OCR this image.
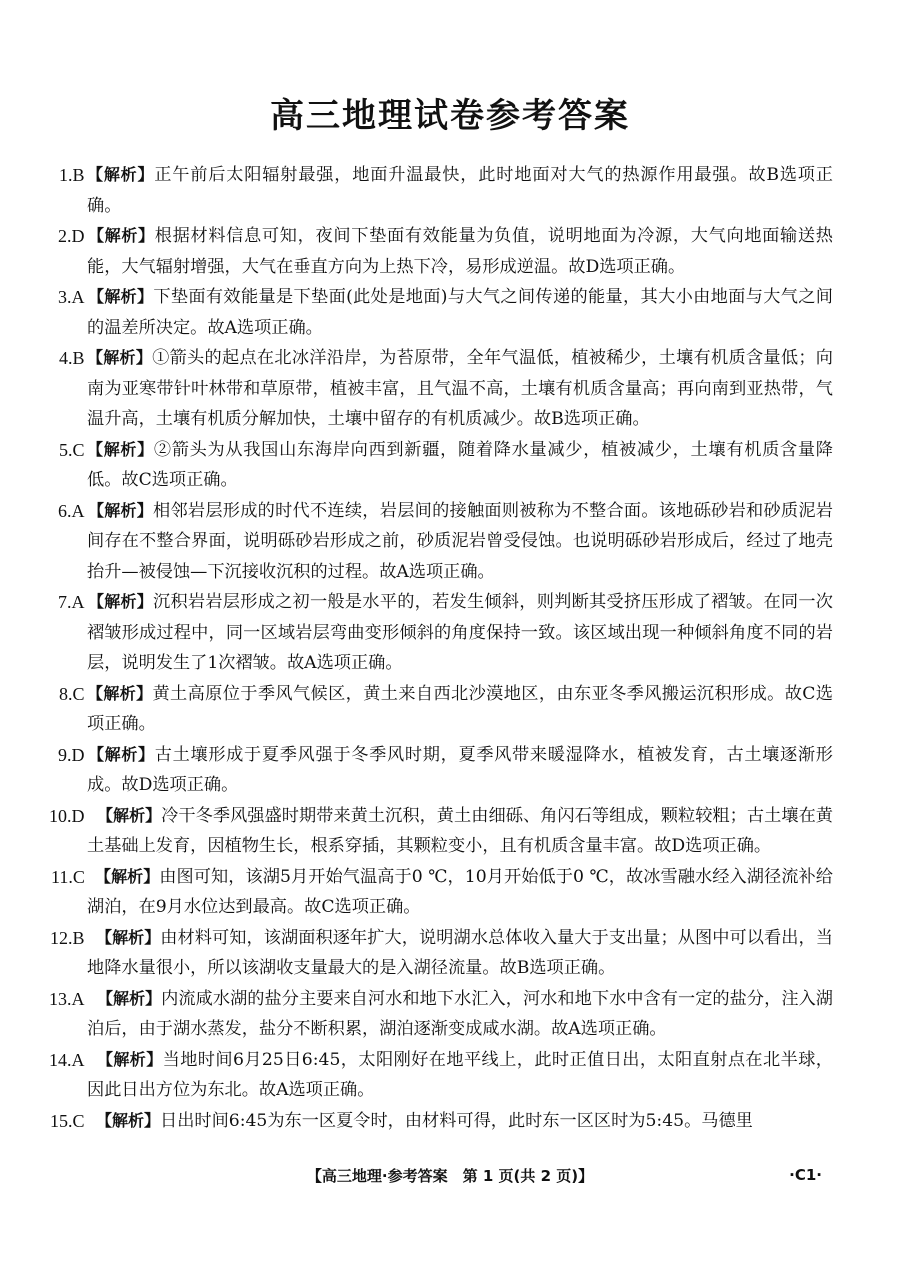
高三地理试卷参考答案
1.B 【解析】正午前后太阳辐射最强，地面升温最快，此时地面对大气的热源作用最强。故B选项正确。
2.D 【解析】根据材料信息可知，夜间下垫面有效能量为负值，说明地面为冷源，大气向地面输送热能，大气辐射增强，大气在垂直方向为上热下冷，易形成逆温。故D选项正确。
3.A 【解析】下垫面有效能量是下垫面(此处是地面)与大气之间传递的能量，其大小由地面与大气之间的温差所决定。故A选项正确。
4.B 【解析】①箭头的起点在北冰洋沿岸，为苔原带，全年气温低，植被稀少，土壤有机质含量低；向南为亚寒带针叶林带和草原带，植被丰富，且气温不高，土壤有机质含量高；再向南到亚热带，气温升高，土壤有机质分解加快，土壤中留存的有机质减少。故B选项正确。
5.C 【解析】②箭头为从我国山东海岸向西到新疆，随着降水量减少，植被减少，土壤有机质含量降低。故C选项正确。
6.A 【解析】相邻岩层形成的时代不连续，岩层间的接触面则被称为不整合面。该地砾砂岩和砂质泥岩间存在不整合界面，说明砾砂岩形成之前，砂质泥岩曾受侵蚀。也说明砾砂岩形成后，经过了地壳抬升—被侵蚀—下沉接收沉积的过程。故A选项正确。
7.A 【解析】沉积岩岩层形成之初一般是水平的，若发生倾斜，则判断其受挤压形成了褶皱。在同一次褶皱形成过程中，同一区域岩层弯曲变形倾斜的角度保持一致。该区域出现一种倾斜角度不同的岩层，说明发生了1次褶皱。故A选项正确。
8.C 【解析】黄土高原位于季风气候区，黄土来自西北沙漠地区，由东亚冬季风搬运沉积形成。故C选项正确。
9.D 【解析】古土壤形成于夏季风强于冬季风时期，夏季风带来暖湿降水，植被发育，古土壤逐渐形成。故D选项正确。
10.D 【解析】冷干冬季风强盛时期带来黄土沉积，黄土由细砾、角闪石等组成，颗粒较粗；古土壤在黄土基础上发育，因植物生长，根系穿插，其颗粒变小，且有机质含量丰富。故D选项正确。
11.C 【解析】由图可知，该湖5月开始气温高于0 ℃，10月开始低于0 ℃，故冰雪融水经入湖径流补给湖泊，在9月水位达到最高。故C选项正确。
12.B 【解析】由材料可知，该湖面积逐年扩大，说明湖水总体收入量大于支出量；从图中可以看出，当地降水量很小，所以该湖收支量最大的是入湖径流量。故B选项正确。
13.A 【解析】内流咸水湖的盐分主要来自河水和地下水汇入，河水和地下水中含有一定的盐分，注入湖泊后，由于湖水蒸发，盐分不断积累，湖泊逐渐变成咸水湖。故A选项正确。
14.A 【解析】当地时间6月25日6:45，太阳刚好在地平线上，此时正值日出，太阳直射点在北半球，因此日出方位为东北。故A选项正确。
15.C 【解析】日出时间6:45为东一区夏令时，由材料可得，此时东一区区时为5:45。马德里
【高三地理·参考答案　第 1 页(共 2 页)】	·C1·
